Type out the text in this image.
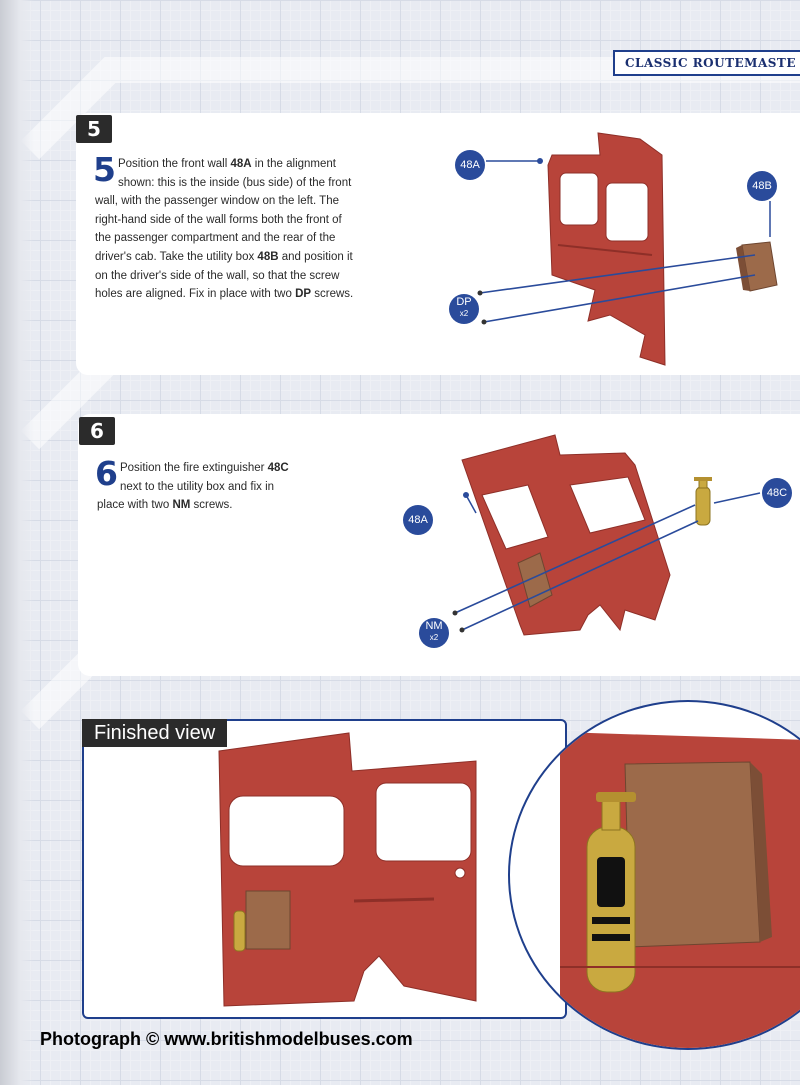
CLASSIC ROUTEMASTE
5
5 Position the front wall 48A in the alignment shown: this is the inside (bus side) of the front wall, with the passenger window on the left. The right-hand side of the wall forms both the front of the passenger compartment and the rear of the driver's cab. Take the utility box 48B and position it on the driver's side of the wall, so that the screw holes are aligned. Fix in place with two DP screws.
48A
48B
DP
x2
6
6 Position the fire extinguisher 48C next to the utility box and fix in place with two NM screws.
48A
48C
NM
x2
Finished view
Photograph © www.britishmodelbuses.com
